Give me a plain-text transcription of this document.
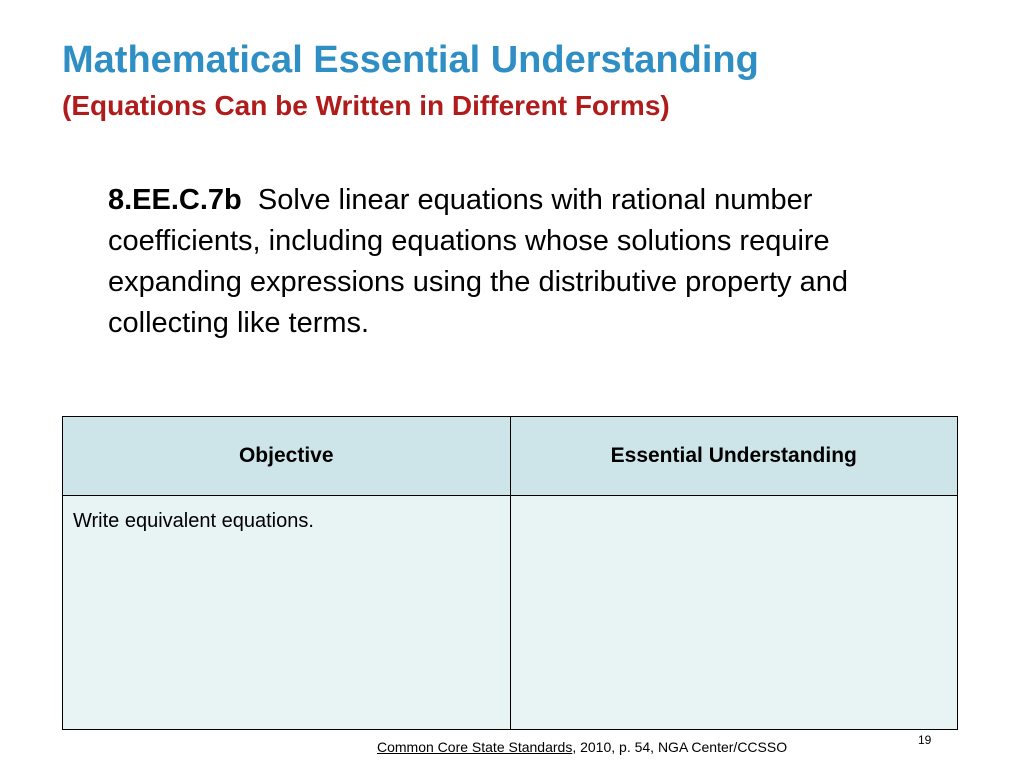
Mathematical Essential Understanding
(Equations Can be Written in Different Forms)

8.EE.C.7b Solve linear equations with rational number coefficients, including equations whose solutions require expanding expressions using the distributive property and collecting like terms.

Objective	Essential Understanding
Write equivalent equations.	
Common Core State Standards, 2010, p. 54, NGA Center/CCSSO	19
